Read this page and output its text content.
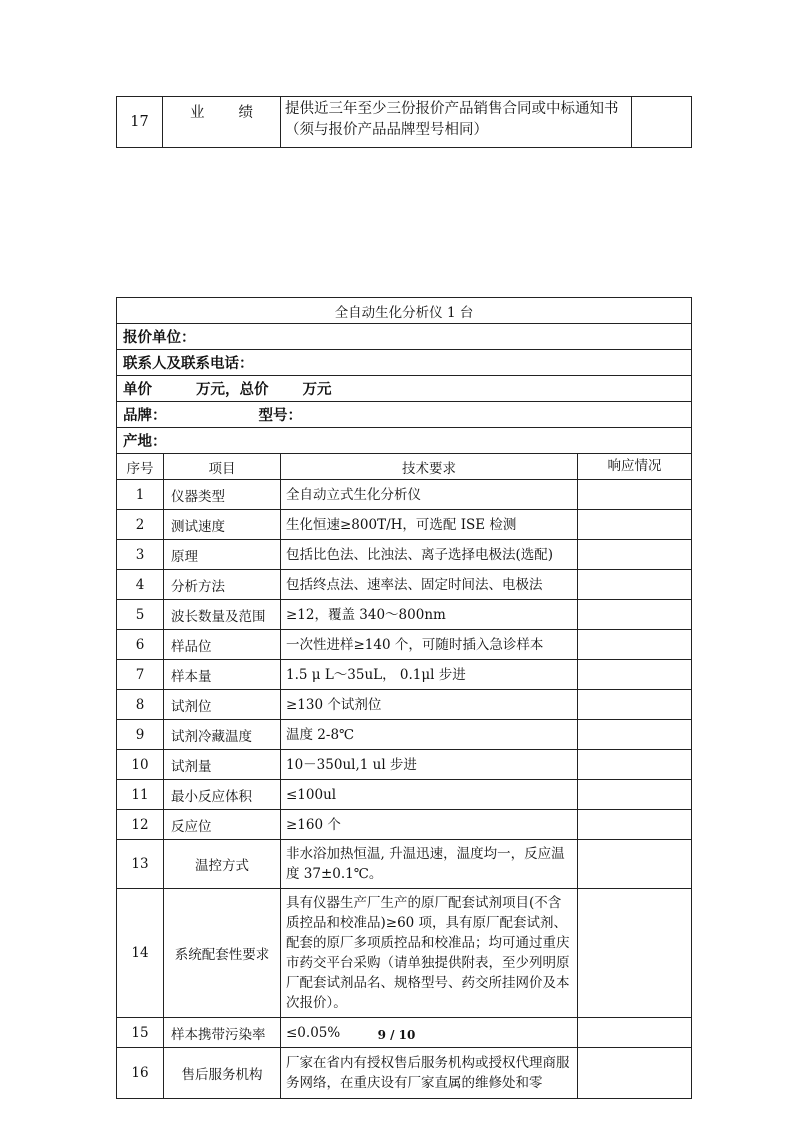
17	业 绩	提供近三年至少三份报价产品销售合同或中标通知书（须与报价产品品牌型号相同）	
全自动生化分析仪 1 台			
报价单位：			
联系人及联系电话：			
单价 万元，总价 万元			
品牌： 型号：			
产地：			
序号	项目	技术要求	响应情况
1	仪器类型	全自动立式生化分析仪	
2	测试速度	生化恒速≥800T/H，可选配 ISE 检测	
3	原理	包括比色法、比浊法、离子选择电极法(选配)	
4	分析方法	包括终点法、速率法、固定时间法、电极法	
5	波长数量及范围	≥12，覆盖 340～800nm	
6	样品位	一次性进样≥140 个，可随时插入急诊样本	
7	样本量	1.5 μ L～35uL， 0.1μl 步进	
8	试剂位	≥130 个试剂位	
9	试剂冷藏温度	温度 2-8℃	
10	试剂量	10－350ul,1 ul 步进	
11	最小反应体积	≤100ul	
12	反应位	≥160 个	
13	温控方式	非水浴加热恒温, 升温迅速，温度均一，反应温度 37±0.1℃。	
14	系统配套性要求	具有仪器生产厂生产的原厂配套试剂项目(不含质控品和校准品)≥60 项，具有原厂配套试剂、配套的原厂多项质控品和校准品；均可通过重庆市药交平台采购（请单独提供附表，至少列明原厂配套试剂品名、规格型号、药交所挂网价及本次报价）。	
15	样本携带污染率	≤0.05%	
16	售后服务机构	厂家在省内有授权售后服务机构或授权代理商服务网络，在重庆设有厂家直属的维修处和零	
9 / 10
